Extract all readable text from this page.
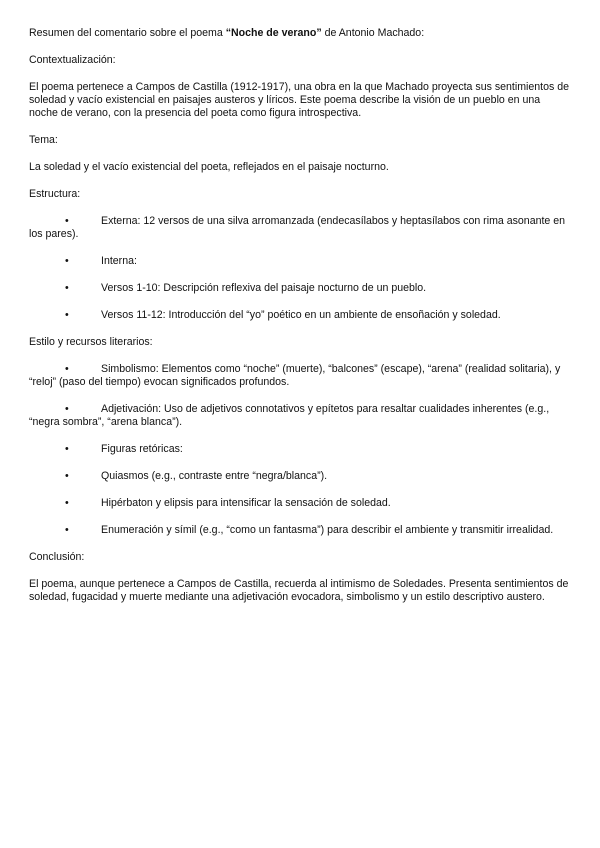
Resumen del comentario sobre el poema “Noche de verano” de Antonio Machado:

Contextualización:

El poema pertenece a Campos de Castilla (1912-1917), una obra en la que Machado proyecta sus sentimientos de soledad y vacío existencial en paisajes austeros y líricos. Este poema describe la visión de un pueblo en una noche de verano, con la presencia del poeta como figura introspectiva.

Tema:

La soledad y el vacío existencial del poeta, reflejados en el paisaje nocturno.

Estructura:

•	Externa: 12 versos de una silva arromanzada (endecasílabos y heptasílabos con rima asonante en los pares).

•	Interna:

•	Versos 1-10: Descripción reflexiva del paisaje nocturno de un pueblo.

•	Versos 11-12: Introducción del “yo” poético en un ambiente de ensoñación y soledad.

Estilo y recursos literarios:

•	Simbolismo: Elementos como “noche” (muerte), “balcones” (escape), “arena” (realidad solitaria), y “reloj” (paso del tiempo) evocan significados profundos.

•	Adjetivación: Uso de adjetivos connotativos y epítetos para resaltar cualidades inherentes (e.g., “negra sombra”, “arena blanca”).

•	Figuras retóricas:

•	Quiasmos (e.g., contraste entre “negra/blanca”).

•	Hipérbaton y elipsis para intensificar la sensación de soledad.

•	Enumeración y símil (e.g., “como un fantasma”) para describir el ambiente y transmitir irrealidad.

Conclusión:

El poema, aunque pertenece a Campos de Castilla, recuerda al intimismo de Soledades. Presenta sentimientos de soledad, fugacidad y muerte mediante una adjetivación evocadora, simbolismo y un estilo descriptivo austero.
